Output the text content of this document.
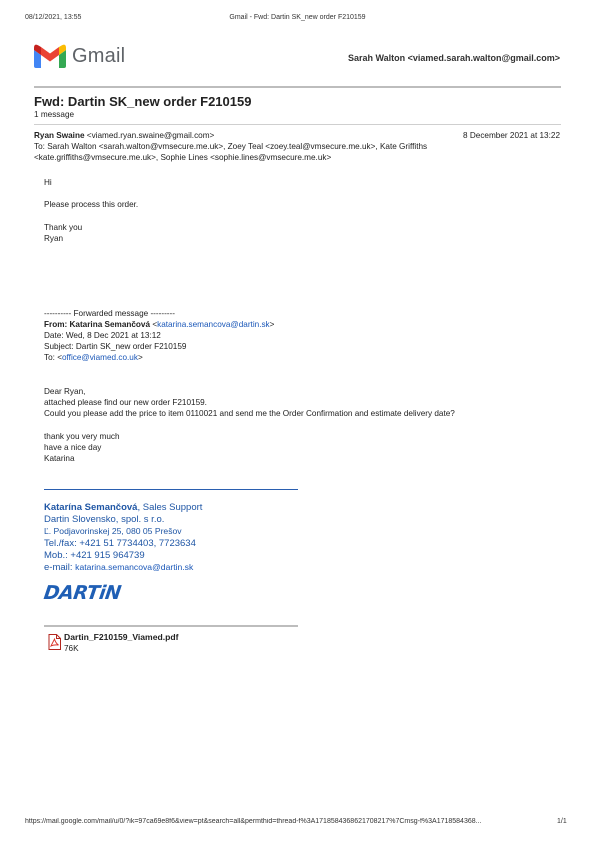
08/12/2021, 13:55	Gmail - Fwd: Dartin SK_new order F210159
Gmail	Sarah Walton <viamed.sarah.walton@gmail.com>
Fwd: Dartin SK_new order F210159
1 message
Ryan Swaine <viamed.ryan.swaine@gmail.com>	8 December 2021 at 13:22
To: Sarah Walton <sarah.walton@vmsecure.me.uk>, Zoey Teal <zoey.teal@vmsecure.me.uk>, Kate Griffiths
<kate.griffiths@vmsecure.me.uk>, Sophie Lines <sophie.lines@vmsecure.me.uk>
Hi
Please process this order.
Thank you
Ryan
---------- Forwarded message ---------
From: Katarina Semančová <katarina.semancova@dartin.sk>
Date: Wed, 8 Dec 2021 at 13:12
Subject: Dartin SK_new order F210159
To: <office@viamed.co.uk>
Dear Ryan,
attached please find our new order F210159.
Could you please add the price to item 0110021 and send me the Order Confirmation and estimate delivery date?
thank you very much
have a nice day
Katarina
Katarína Semančová, Sales Support
Dartin Slovensko, spol. s r.o.
Ľ. Podjavorinskej 25, 080 05 Prešov
Tel./fax: +421 51 7734403, 7723634
Mob.: +421 915 964739
e-mail: katarina.semancova@dartin.sk
DARTiN
Dartin_F210159_Viamed.pdf
76K
https://mail.google.com/mail/u/0/?ik=97ca69e8f6&view=pt&search=all&permthid=thread-f%3A1718584368621708217%7Cmsg-f%3A1718584368...	1/1
